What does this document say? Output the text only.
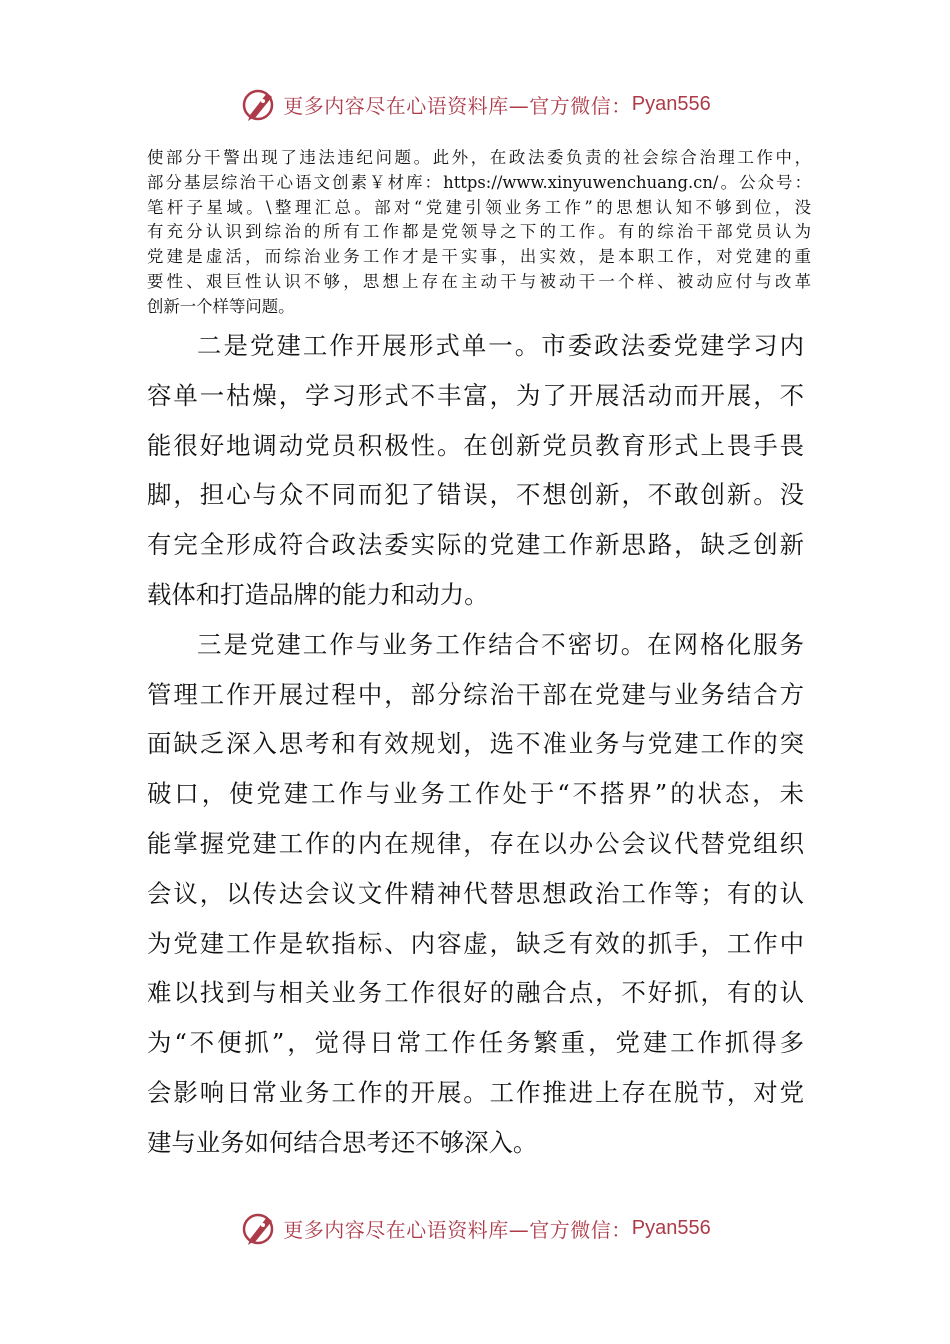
更多内容尽在心语资料库—官方微信： Pyan556
使部分干警出现了违法违纪问题。此外，在政法委负责的社会综合治理工作中，
部分基层综治干心语文创素￥材库：https://www.xinyuwenchuang.cn/。公众号：
笔杆子星域。\整理汇总。部对“党建引领业务工作”的思想认知不够到位，没
有充分认识到综治的所有工作都是党领导之下的工作。有的综治干部党员认为
党建是虚活，而综治业务工作才是干实事，出实效，是本职工作，对党建的重
要性、艰巨性认识不够，思想上存在主动干与被动干一个样、被动应付与改革
创新一个样等问题。
二是党建工作开展形式单一。市委政法委党建学习内
容单一枯燥，学习形式不丰富，为了开展活动而开展，不
能很好地调动党员积极性。在创新党员教育形式上畏手畏
脚，担心与众不同而犯了错误，不想创新，不敢创新。没
有完全形成符合政法委实际的党建工作新思路，缺乏创新
载体和打造品牌的能力和动力。
三是党建工作与业务工作结合不密切。在网格化服务
管理工作开展过程中，部分综治干部在党建与业务结合方
面缺乏深入思考和有效规划，选不准业务与党建工作的突
破口，使党建工作与业务工作处于“不搭界”的状态，未
能掌握党建工作的内在规律，存在以办公会议代替党组织
会议，以传达会议文件精神代替思想政治工作等；有的认
为党建工作是软指标、内容虚，缺乏有效的抓手，工作中
难以找到与相关业务工作很好的融合点，不好抓，有的认
为“不便抓”，觉得日常工作任务繁重，党建工作抓得多
会影响日常业务工作的开展。工作推进上存在脱节，对党
建与业务如何结合思考还不够深入。
更多内容尽在心语资料库—官方微信： Pyan556
